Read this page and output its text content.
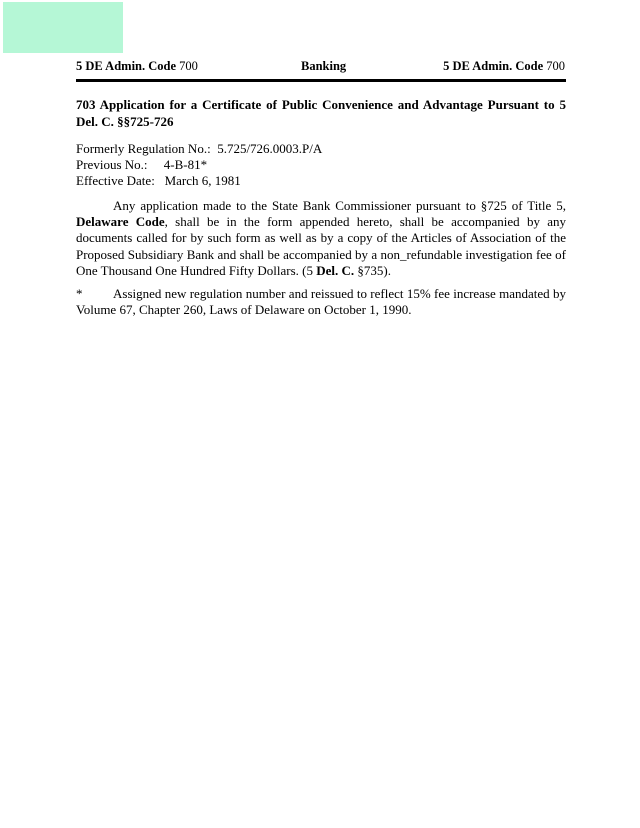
5 DE Admin. Code 700	Banking	5 DE Admin. Code 700
703 Application for a Certificate of Public Convenience and Advantage Pursuant to 5 Del. C. §§725-726
Formerly Regulation No.: 5.725/726.0003.P/A
Previous No.: 4-B-81*
Effective Date: March 6, 1981
Any application made to the State Bank Commissioner pursuant to §725 of Title 5, Delaware Code, shall be in the form appended hereto, shall be accompanied by any documents called for by such form as well as by a copy of the Articles of Association of the Proposed Subsidiary Bank and shall be accompanied by a non_refundable investigation fee of One Thousand One Hundred Fifty Dollars. (5 Del. C. §735).
* Assigned new regulation number and reissued to reflect 15% fee increase mandated by Volume 67, Chapter 260, Laws of Delaware on October 1, 1990.
